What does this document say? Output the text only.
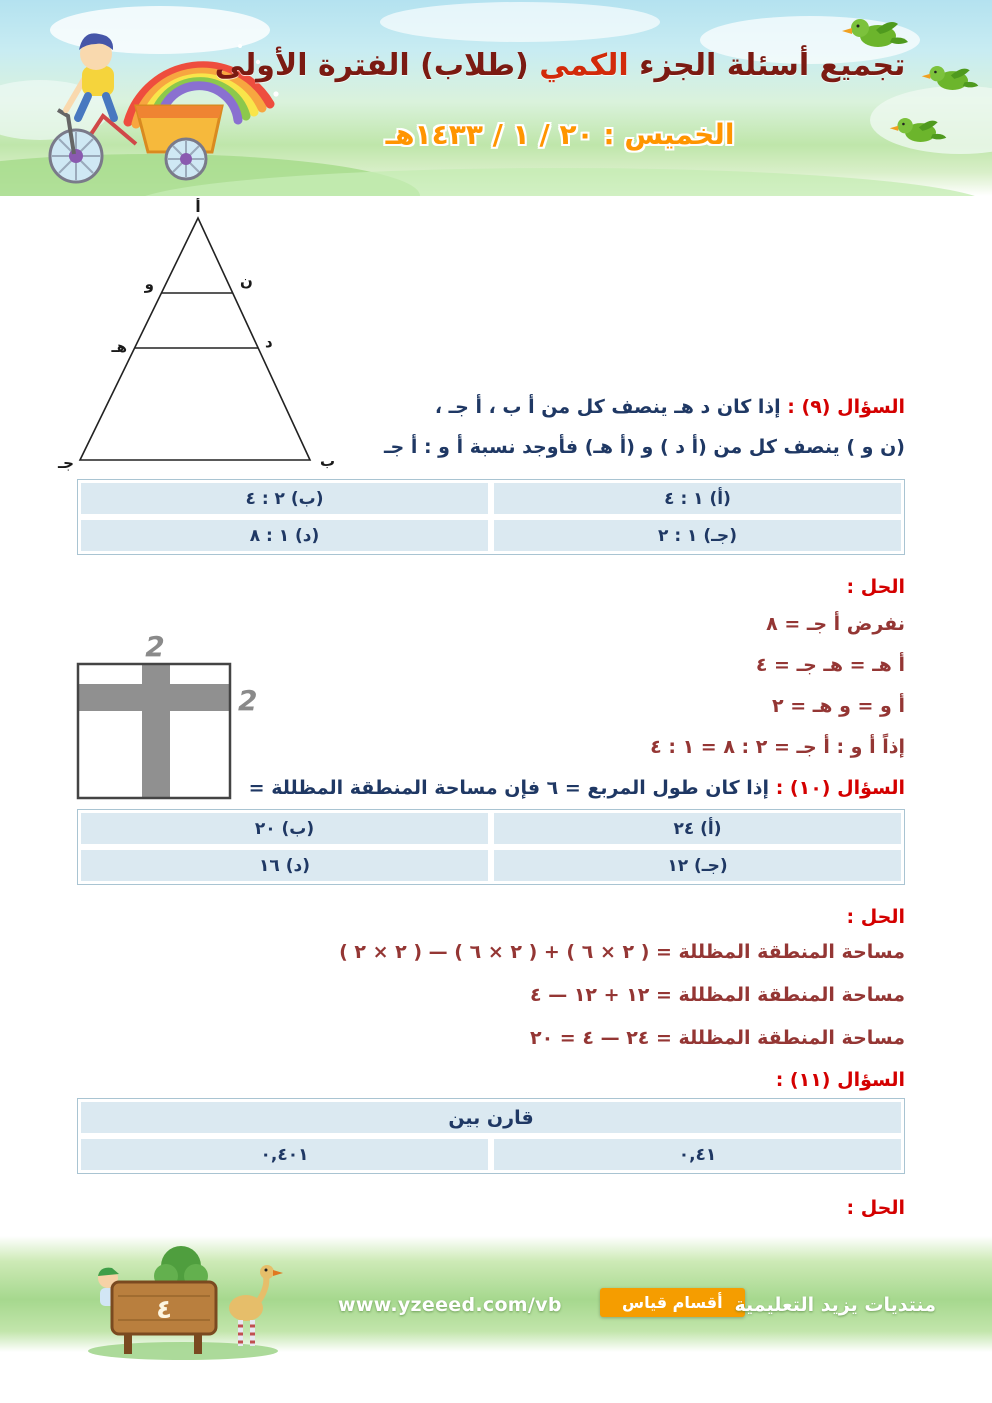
تجميع أسئلة الجزء الكمي (طلاب) الفترة الأولى
الخميس : ٢٠ / ١ / ١٤٣٣هـ
أ
و	ن
هـ	د
جـ	ب
السؤال (٩) : إذا كان د هـ ينصف كل من أ ب ، أ جـ ،
(ن و ) ينصف كل من (أ د ) و (أ هـ) فأوجد نسبة أ و : أ جـ
(أ) ١ : ٤	(ب) ٢ : ٤
(جـ) ١ : ٢	(د) ١ : ٨
الحل :
نفرض أ جـ = ٨
أ هـ = هـ جـ = ٤
أ و = و هـ = ٢
إذاً أ و : أ جـ = ٢ : ٨ = ١ : ٤
2
2
السؤال (١٠) : إذا كان طول المربع = ٦ فإن مساحة المنطقة المظللة =
(أ) ٢٤	(ب) ٢٠
(جـ) ١٢	(د) ١٦
الحل :
مساحة المنطقة المظللة = ( ٢ × ٦ ) + ( ٢ × ٦ ) — ( ٢ × ٢ )
مساحة المنطقة المظللة = ١٢ + ١٢ — ٤
مساحة المنطقة المظللة = ٢٤ — ٤ = ٢٠
السؤال (١١) :
قارن بين
٠,٤١	٠,٤٠١
الحل :
٤	www.yzeeed.com/vb	أقسام قياس منتديات يزيد التعليمية
